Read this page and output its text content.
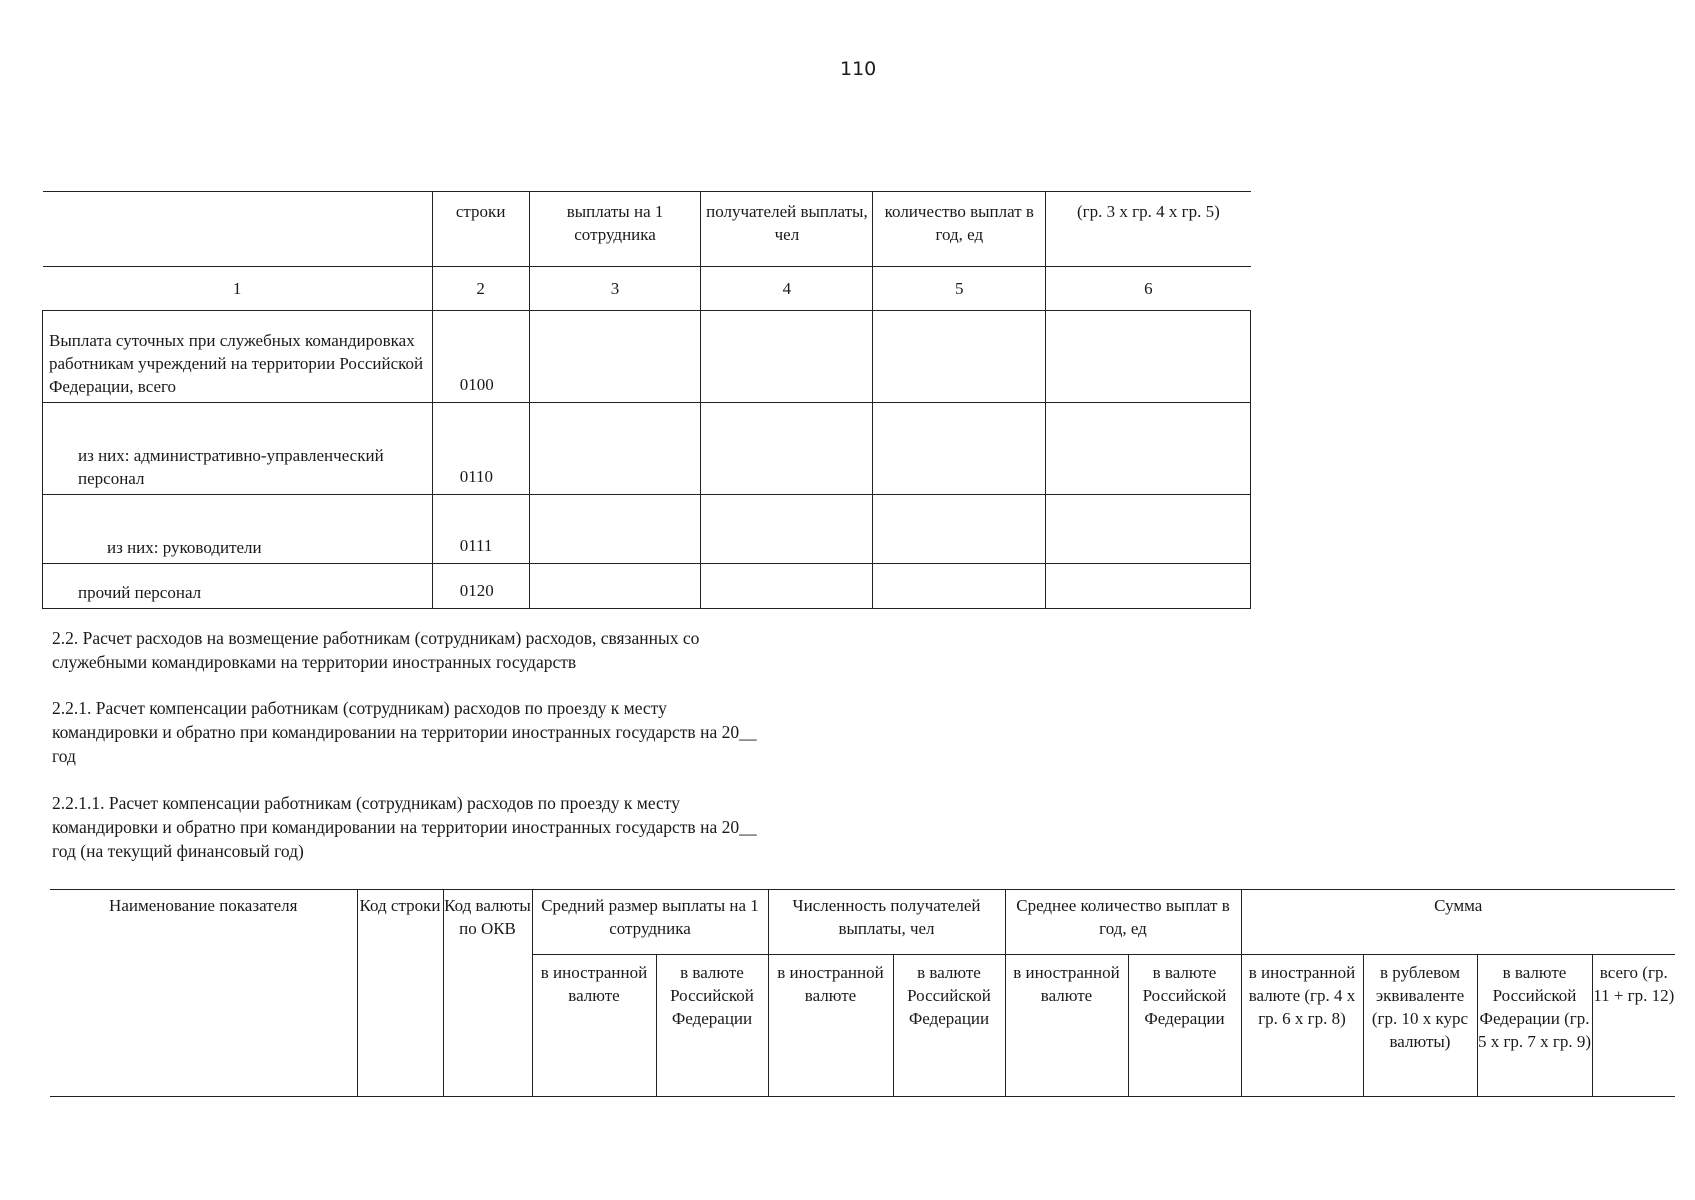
110
	строки	выплаты на 1 сотрудника	получателей выплаты, чел	количество выплат в год, ед	(гр. 3 x гр. 4 x гр. 5)
1	2	3	4	5	6
Выплата суточных при служебных командировках работникам учреждений на территории Российской Федерации, всего	0100				
из них: административно-управленческий персонал	0110				
из них: руководители	0111				
прочий персонал	0120				
2.2. Расчет расходов на возмещение работникам (сотрудникам) расходов, связанных со служебными командировками на территории иностранных государств
2.2.1. Расчет компенсации работникам (сотрудникам) расходов по проезду к месту командировки и обратно при командировании на территории иностранных государств на 20__ год
2.2.1.1. Расчет компенсации работникам (сотрудникам) расходов по проезду к месту командировки и обратно при командировании на территории иностранных государств на 20__ год (на текущий финансовый год)
Наименование показателя	Код строки	Код валюты по ОКВ	Средний размер выплаты на 1 сотрудника		Численность получателей выплаты, чел		Среднее количество выплат в год, ед		Сумма			
			в иностранной валюте	в валюте Российской Федерации	в иностранной валюте	в валюте Российской Федерации	в иностранной валюте	в валюте Российской Федерации	в иностранной валюте (гр. 4 x гр. 6 x гр. 8)	в рублевом эквиваленте (гр. 10 x курс валюты)	в валюте Российской Федерации (гр. 5 x гр. 7 x гр. 9)	всего (гр. 11 + гр. 12)
